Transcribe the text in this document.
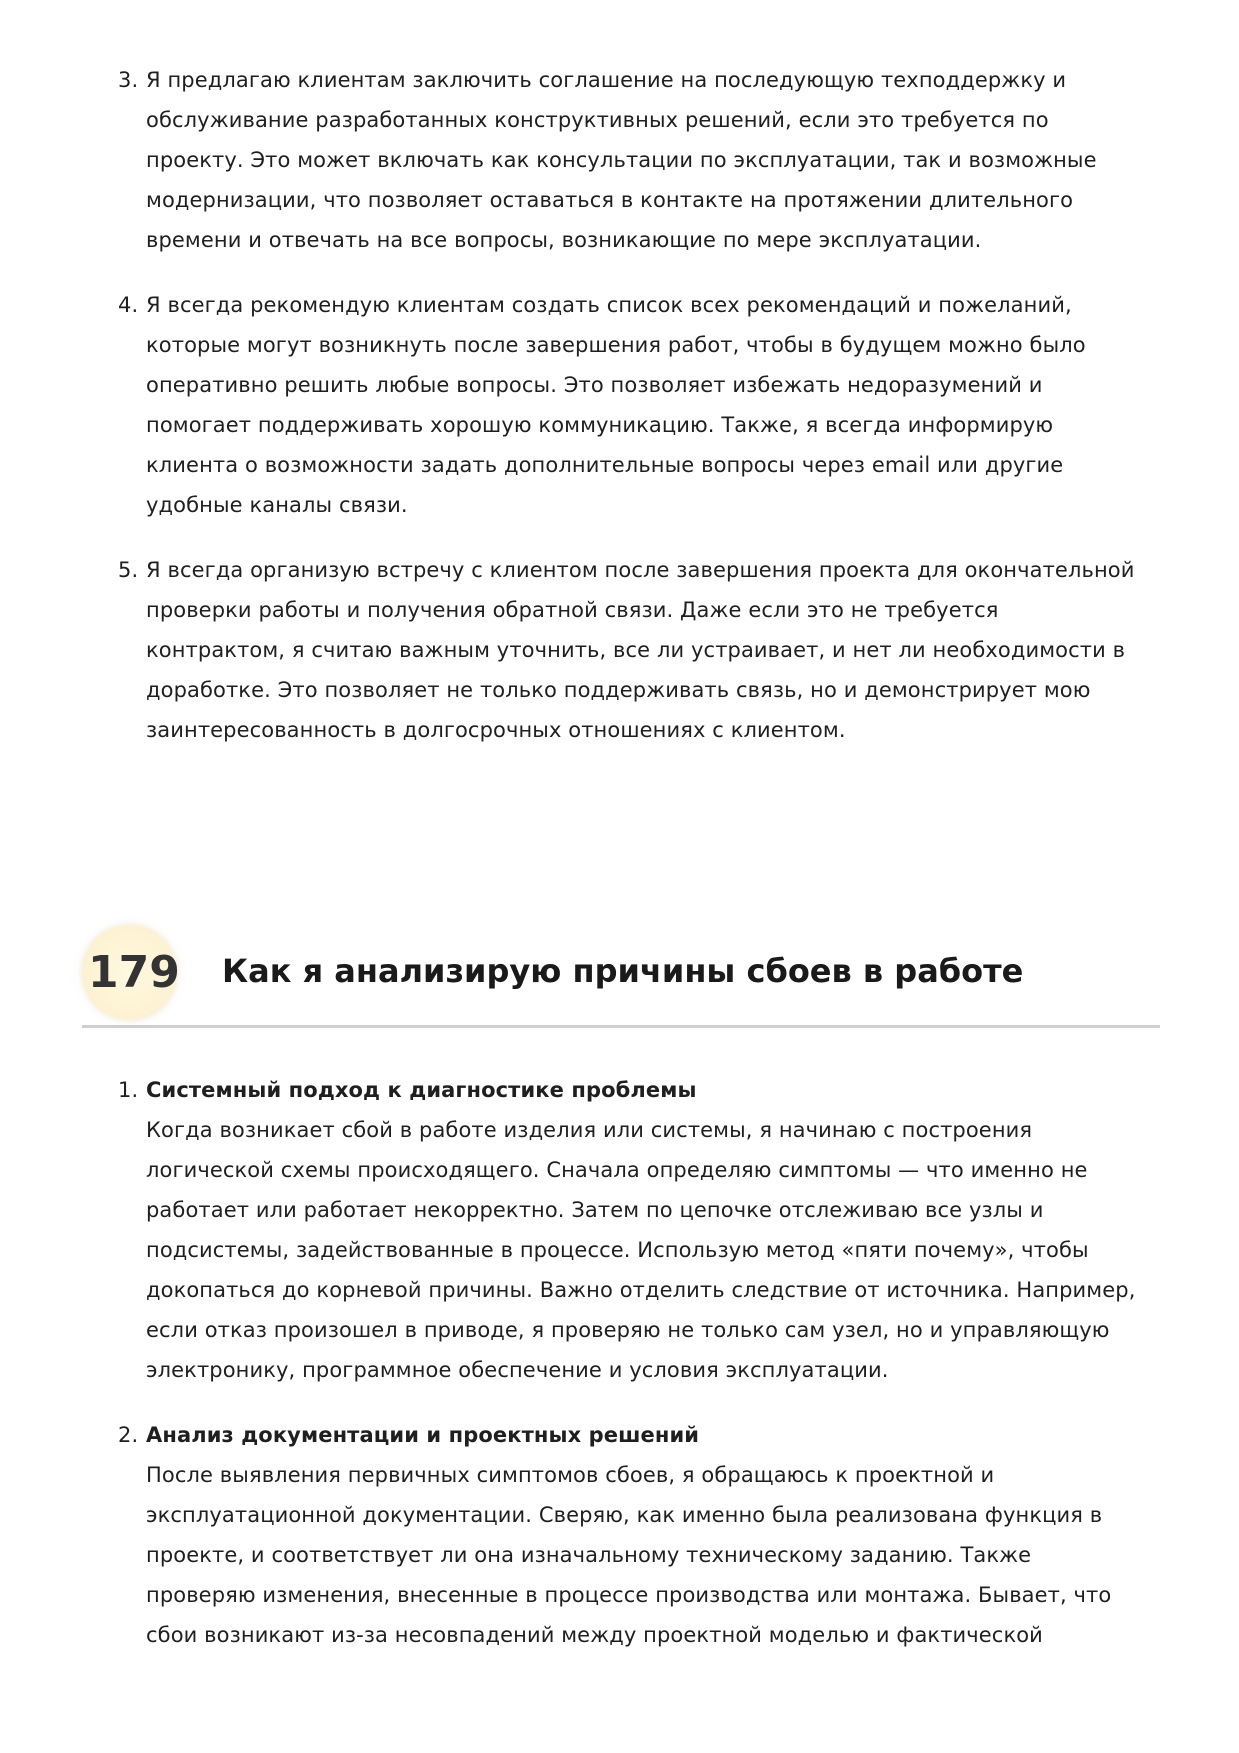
3. Я предлагаю клиентам заключить соглашение на последующую техподдержку и
обслуживание разработанных конструктивных решений, если это требуется по
проекту. Это может включать как консультации по эксплуатации, так и возможные
модернизации, что позволяет оставаться в контакте на протяжении длительного
времени и отвечать на все вопросы, возникающие по мере эксплуатации.
4. Я всегда рекомендую клиентам создать список всех рекомендаций и пожеланий,
которые могут возникнуть после завершения работ, чтобы в будущем можно было
оперативно решить любые вопросы. Это позволяет избежать недоразумений и
помогает поддерживать хорошую коммуникацию. Также, я всегда информирую
клиента о возможности задать дополнительные вопросы через email или другие
удобные каналы связи.
5. Я всегда организую встречу с клиентом после завершения проекта для окончательной
проверки работы и получения обратной связи. Даже если это не требуется
контрактом, я считаю важным уточнить, все ли устраивает, и нет ли необходимости в
доработке. Это позволяет не только поддерживать связь, но и демонстрирует мою
заинтересованность в долгосрочных отношениях с клиентом.
179 Как я анализирую причины сбоев в работе
1. Системный подход к диагностике проблемы
Когда возникает сбой в работе изделия или системы, я начинаю с построения
логической схемы происходящего. Сначала определяю симптомы — что именно не
работает или работает некорректно. Затем по цепочке отслеживаю все узлы и
подсистемы, задействованные в процессе. Использую метод «пяти почему», чтобы
докопаться до корневой причины. Важно отделить следствие от источника. Например,
если отказ произошел в приводе, я проверяю не только сам узел, но и управляющую
электронику, программное обеспечение и условия эксплуатации.
2. Анализ документации и проектных решений
После выявления первичных симптомов сбоев, я обращаюсь к проектной и
эксплуатационной документации. Сверяю, как именно была реализована функция в
проекте, и соответствует ли она изначальному техническому заданию. Также
проверяю изменения, внесенные в процессе производства или монтажа. Бывает, что
сбои возникают из-за несовпадений между проектной моделью и фактической
